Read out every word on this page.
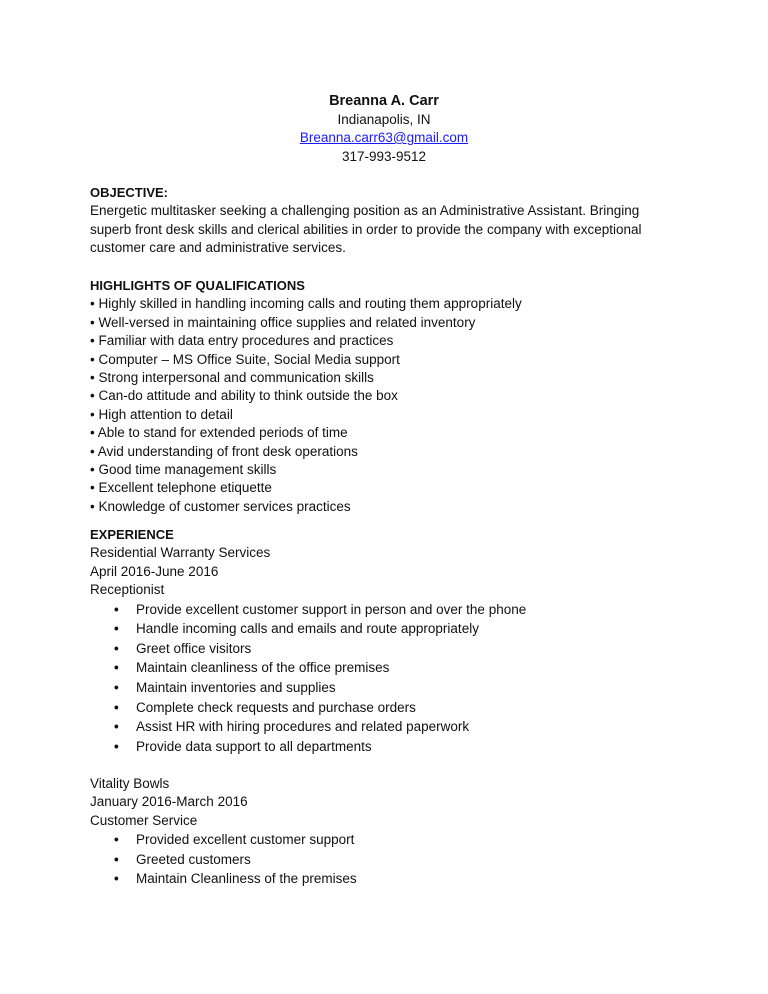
Breanna A. Carr
Indianapolis, IN
Breanna.carr63@gmail.com
317-993-9512
OBJECTIVE:
Energetic multitasker seeking a challenging position as an Administrative Assistant. Bringing
superb front desk skills and clerical abilities in order to provide the company with exceptional
customer care and administrative services.
HIGHLIGHTS OF QUALIFICATIONS
• Highly skilled in handling incoming calls and routing them appropriately
• Well-versed in maintaining office supplies and related inventory
• Familiar with data entry procedures and practices
• Computer – MS Office Suite, Social Media support
• Strong interpersonal and communication skills
• Can-do attitude and ability to think outside the box
• High attention to detail
• Able to stand for extended periods of time
• Avid understanding of front desk operations
• Good time management skills
• Excellent telephone etiquette
• Knowledge of customer services practices
EXPERIENCE
Residential Warranty Services
April 2016-June 2016
Receptionist
• Provide excellent customer support in person and over the phone
• Handle incoming calls and emails and route appropriately
• Greet office visitors
• Maintain cleanliness of the office premises
• Maintain inventories and supplies
• Complete check requests and purchase orders
• Assist HR with hiring procedures and related paperwork
• Provide data support to all departments
Vitality Bowls
January 2016-March 2016
Customer Service
• Provided excellent customer support
• Greeted customers
• Maintain Cleanliness of the premises
